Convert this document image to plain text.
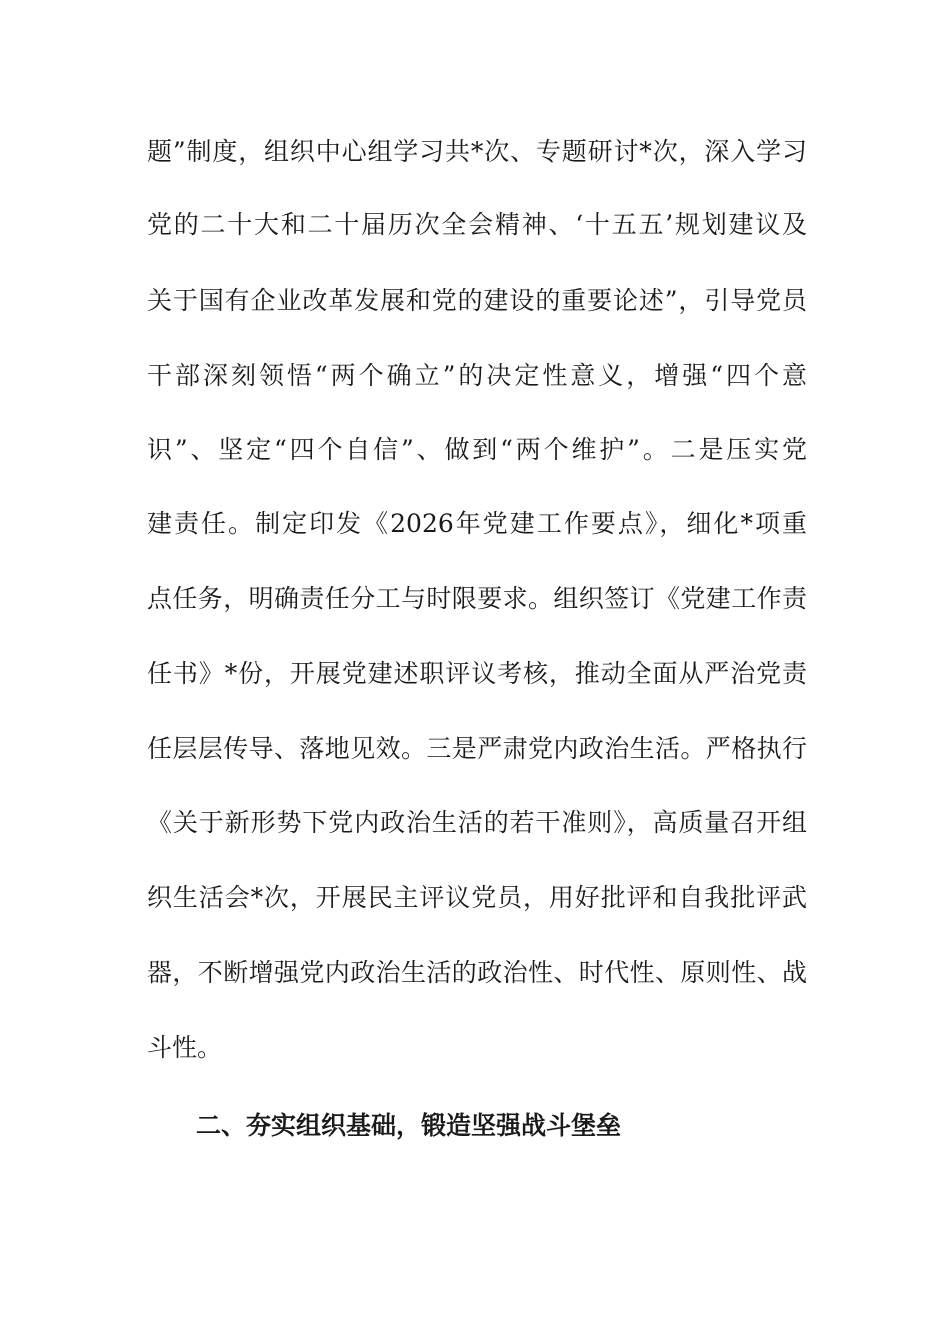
题”制度，组织中心组学习共*次、专题研讨*次，深入学习
党的二十大和二十届历次全会精神、‘十五五’规划建议及
关于国有企业改革发展和党的建设的重要论述”，引导党员
干部深刻领悟“两个确立”的决定性意义，增强“四个意
识”、坚定“四个自信”、做到“两个维护”。二是压实党
建责任。制定印发《2026年党建工作要点》，细化*项重
点任务，明确责任分工与时限要求。组织签订《党建工作责
任书》*份，开展党建述职评议考核，推动全面从严治党责
任层层传导、落地见效。三是严肃党内政治生活。严格执行
《关于新形势下党内政治生活的若干准则》，高质量召开组
织生活会*次，开展民主评议党员，用好批评和自我批评武
器，不断增强党内政治生活的政治性、时代性、原则性、战
斗性。
二、夯实组织基础，锻造坚强战斗堡垒
